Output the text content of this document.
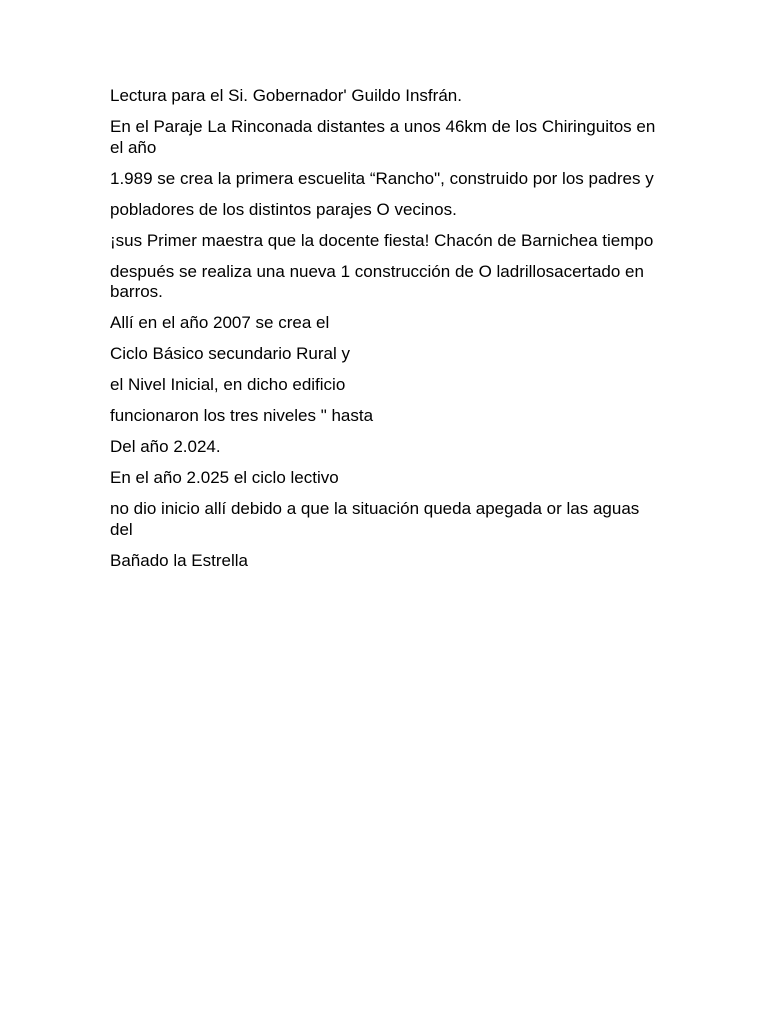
Lectura para el Si. Gobernador' Guildo Insfrán.

En el Paraje La Rinconada distantes a unos 46km de los Chiringuitos en el año

1.989 se crea la primera escuelita “Rancho", construido por los padres y

pobladores de los distintos parajes O vecinos.

¡sus Primer maestra que la docente fiesta! Chacón de Barnichea tiempo

después se realiza una nueva 1 construcción de O ladrillosacertado en barros.

Allí en el año 2007 se crea el

Ciclo Básico secundario Rural y

el Nivel Inicial, en dicho edificio

funcionaron los tres niveles " hasta

Del año 2.024.

En el año 2.025 el ciclo lectivo

no dio inicio allí debido a que la situación queda apegada or las aguas del

Bañado la Estrella
